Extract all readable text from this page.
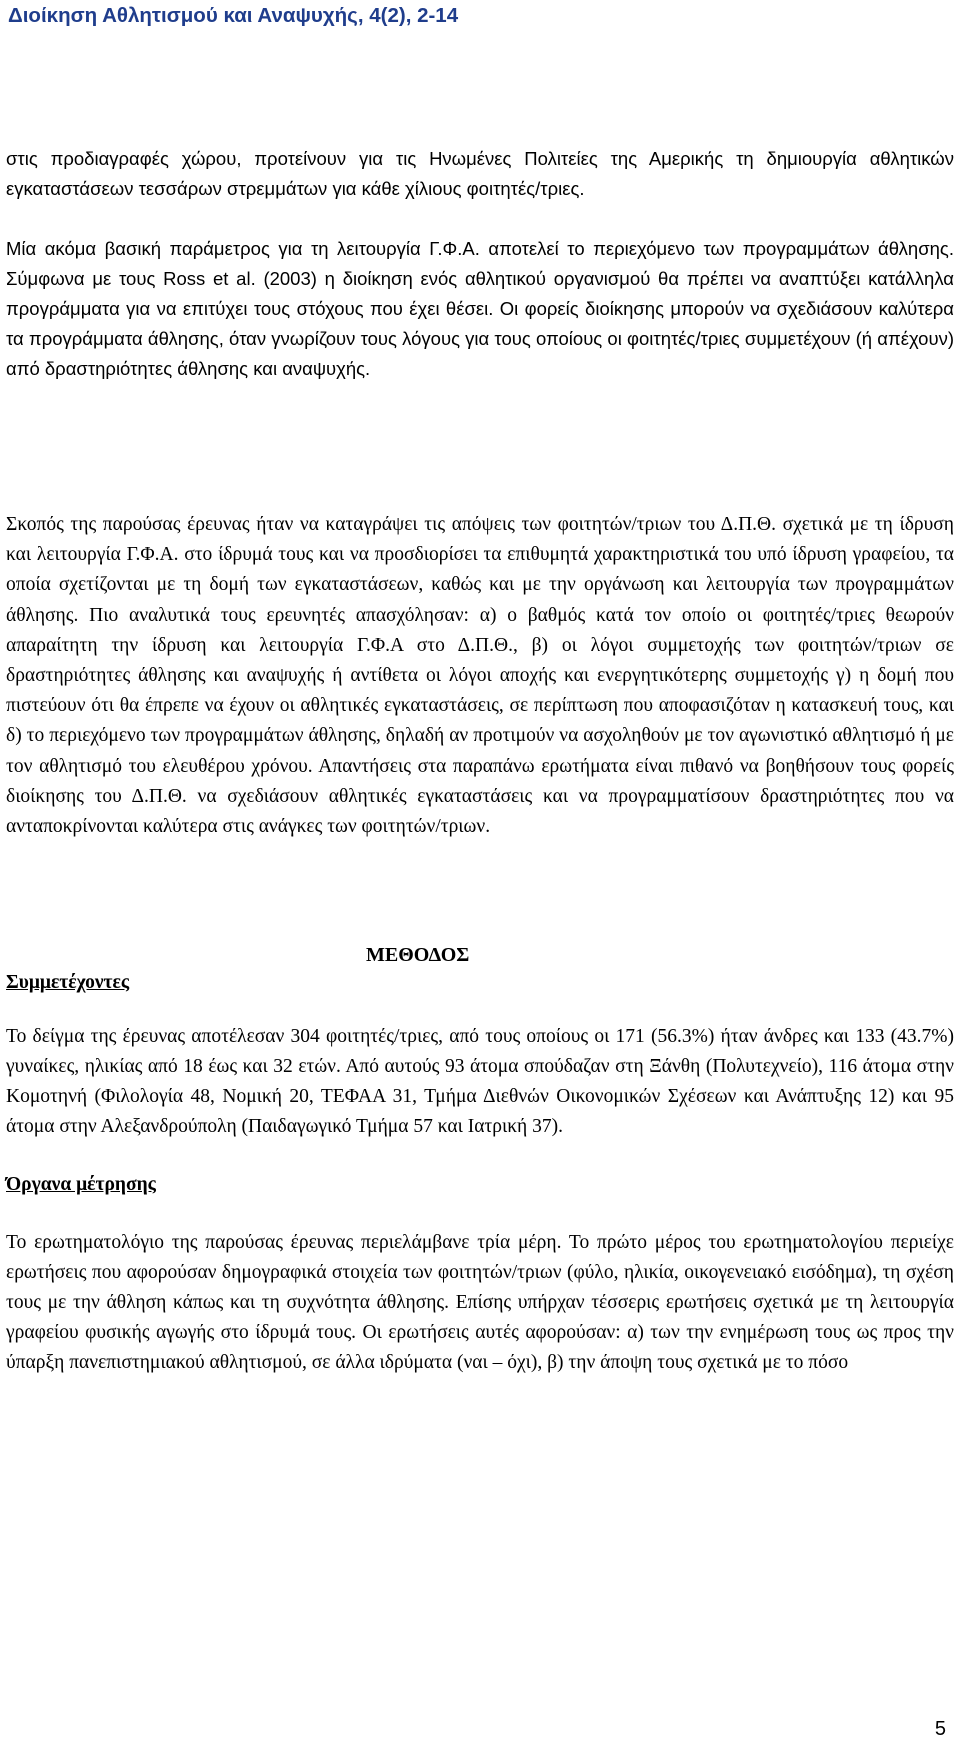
Διοίκηση Αθλητισμού και Αναψυχής, 4(2), 2-14

στις προδιαγραφές χώρου, προτείνουν για τις Ηνωμένες Πολιτείες της Αμερικής τη δημιουργία αθλητικών εγκαταστάσεων τεσσάρων στρεμμάτων για κάθε χίλιους φοιτητές/τριες.

Μία ακόμα βασική παράμετρος για τη λειτουργία Γ.Φ.Α. αποτελεί το περιεχόμενο των προγραμμάτων άθλησης. Σύμφωνα με τους Ross et al. (2003) η διοίκηση ενός αθλητικού οργανισμού θα πρέπει να αναπτύξει κατάλληλα προγράμματα για να επιτύχει τους στόχους που έχει θέσει. Οι φορείς διοίκησης μπορούν να σχεδιάσουν καλύτερα τα προγράμματα άθλησης, όταν γνωρίζουν τους λόγους για τους οποίους οι φοιτητές/τριες συμμετέχουν (ή απέχουν) από δραστηριότητες άθλησης και αναψυχής.

Σκοπός της παρούσας έρευνας ήταν να καταγράψει τις απόψεις των φοιτητών/τριων του Δ.Π.Θ. σχετικά με τη ίδρυση και λειτουργία Γ.Φ.Α. στο ίδρυμά τους και να προσδιορίσει τα επιθυμητά χαρακτηριστικά του υπό ίδρυση γραφείου, τα οποία σχετίζονται με τη δομή των εγκαταστάσεων, καθώς και με την οργάνωση και λειτουργία των προγραμμάτων άθλησης. Πιο αναλυτικά τους ερευνητές απασχόλησαν: α) ο βαθμός κατά τον οποίο οι φοιτητές/τριες θεωρούν απαραίτητη την ίδρυση και λειτουργία Γ.Φ.Α στο Δ.Π.Θ., β) οι λόγοι συμμετοχής των φοιτητών/τριων σε δραστηριότητες άθλησης και αναψυχής ή αντίθετα οι λόγοι αποχής και ενεργητικότερης συμμετοχής γ) η δομή που πιστεύουν ότι θα έπρεπε να έχουν οι αθλητικές εγκαταστάσεις, σε περίπτωση που αποφασιζόταν η κατασκευή τους, και δ) το περιεχόμενο των προγραμμάτων άθλησης, δηλαδή αν προτιμούν να ασχοληθούν με τον αγωνιστικό αθλητισμό ή με τον αθλητισμό του ελευθέρου χρόνου. Απαντήσεις στα παραπάνω ερωτήματα είναι πιθανό να βοηθήσουν τους φορείς διοίκησης του Δ.Π.Θ. να σχεδιάσουν αθλητικές εγκαταστάσεις και να προγραμματίσουν δραστηριότητες που να ανταποκρίνονται καλύτερα στις ανάγκες των φοιτητών/τριων.

ΜΕΘΟΔΟΣ

Συμμετέχοντες

Το δείγμα της έρευνας αποτέλεσαν 304 φοιτητές/τριες, από τους οποίους οι 171 (56.3%) ήταν άνδρες και 133 (43.7%) γυναίκες, ηλικίας από 18 έως και 32 ετών. Από αυτούς 93 άτομα σπούδαζαν στη Ξάνθη (Πολυτεχνείο), 116 άτομα στην Κομοτηνή (Φιλολογία 48, Νομική 20, ΤΕΦΑΑ 31, Τμήμα Διεθνών Οικονομικών Σχέσεων και Ανάπτυξης 12) και 95 άτομα στην Αλεξανδρούπολη (Παιδαγωγικό Τμήμα 57 και Ιατρική 37).

Όργανα μέτρησης

Το ερωτηματολόγιο της παρούσας έρευνας περιελάμβανε τρία μέρη. Το πρώτο μέρος του ερωτηματολογίου περιείχε ερωτήσεις που αφορούσαν δημογραφικά στοιχεία των φοιτητών/τριων (φύλο, ηλικία, οικογενειακό εισόδημα), τη σχέση τους με την άθληση κάπως και τη συχνότητα άθλησης. Επίσης υπήρχαν τέσσερις ερωτήσεις σχετικά με τη λειτουργία γραφείου φυσικής αγωγής στο ίδρυμά τους. Οι ερωτήσεις αυτές αφορούσαν: α) των την ενημέρωση τους ως προς την ύπαρξη πανεπιστημιακού αθλητισμού, σε άλλα ιδρύματα (ναι – όχι), β) την άποψη τους σχετικά με το πόσο

5
